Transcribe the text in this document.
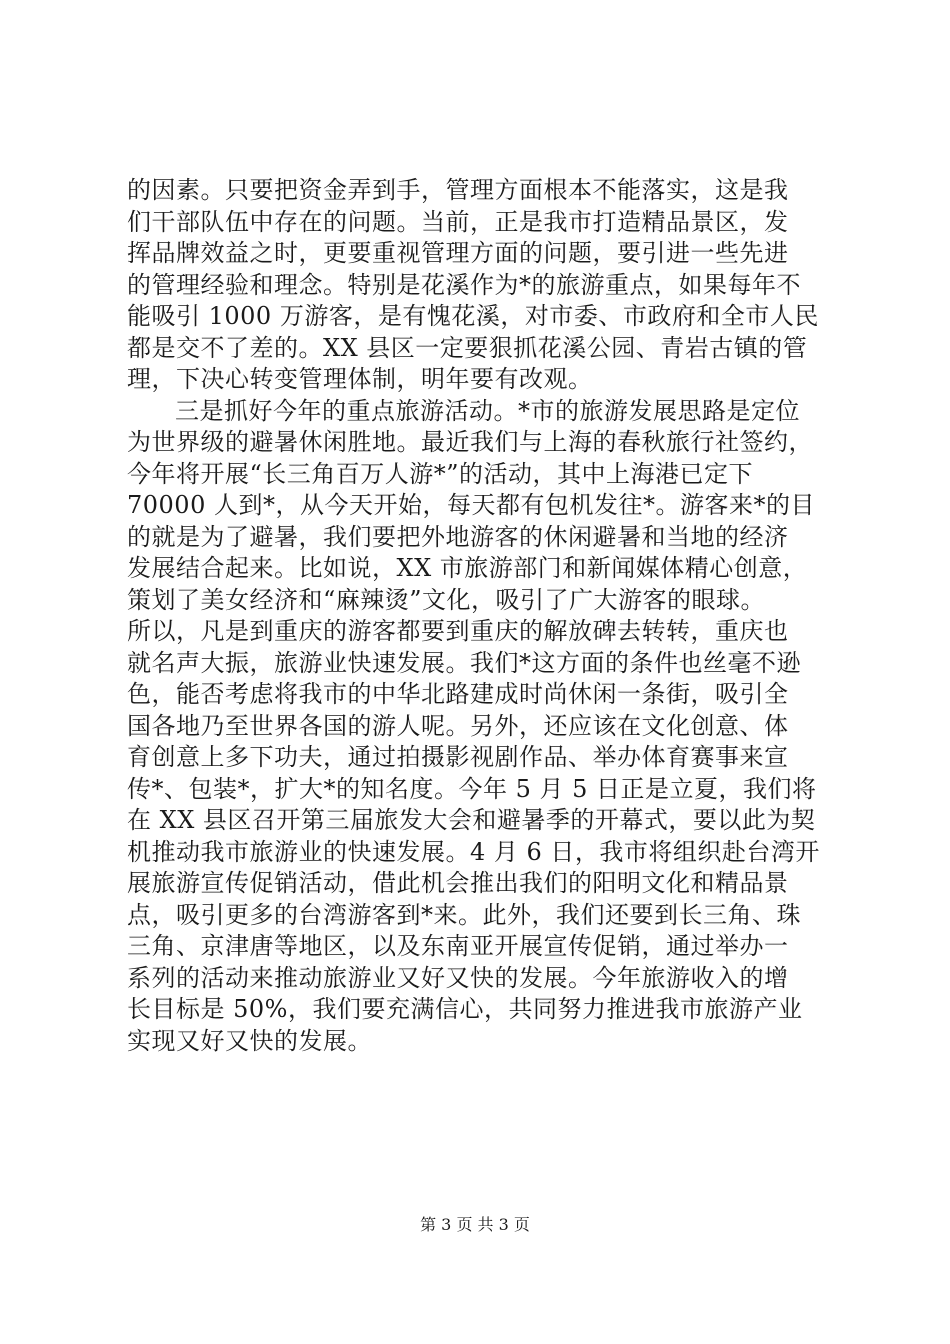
的因素。只要把资金弄到手，管理方面根本不能落实，这是我
们干部队伍中存在的问题。当前，正是我市打造精品景区，发
挥品牌效益之时，更要重视管理方面的问题，要引进一些先进
的管理经验和理念。特别是花溪作为*的旅游重点，如果每年不
能吸引 1000 万游客，是有愧花溪，对市委、市政府和全市人民
都是交不了差的。XX 县区一定要狠抓花溪公园、青岩古镇的管
理，下决心转变管理体制，明年要有改观。
三是抓好今年的重点旅游活动。*市的旅游发展思路是定位
为世界级的避暑休闲胜地。最近我们与上海的春秋旅行社签约，
今年将开展“长三角百万人游*”的活动，其中上海港已定下
70000 人到*，从今天开始，每天都有包机发往*。游客来*的目
的就是为了避暑，我们要把外地游客的休闲避暑和当地的经济
发展结合起来。比如说，XX 市旅游部门和新闻媒体精心创意，
策划了美女经济和“麻辣烫”文化，吸引了广大游客的眼球。
所以，凡是到重庆的游客都要到重庆的解放碑去转转，重庆也
就名声大振，旅游业快速发展。我们*这方面的条件也丝毫不逊
色，能否考虑将我市的中华北路建成时尚休闲一条街，吸引全
国各地乃至世界各国的游人呢。另外，还应该在文化创意、体
育创意上多下功夫，通过拍摄影视剧作品、举办体育赛事来宣
传*、包装*，扩大*的知名度。今年 5 月 5 日正是立夏，我们将
在 XX 县区召开第三届旅发大会和避暑季的开幕式，要以此为契
机推动我市旅游业的快速发展。4 月 6 日，我市将组织赴台湾开
展旅游宣传促销活动，借此机会推出我们的阳明文化和精品景
点，吸引更多的台湾游客到*来。此外，我们还要到长三角、珠
三角、京津唐等地区，以及东南亚开展宣传促销，通过举办一
系列的活动来推动旅游业又好又快的发展。今年旅游收入的增
长目标是 50%，我们要充满信心，共同努力推进我市旅游产业
实现又好又快的发展。
第 3 页 共 3 页
